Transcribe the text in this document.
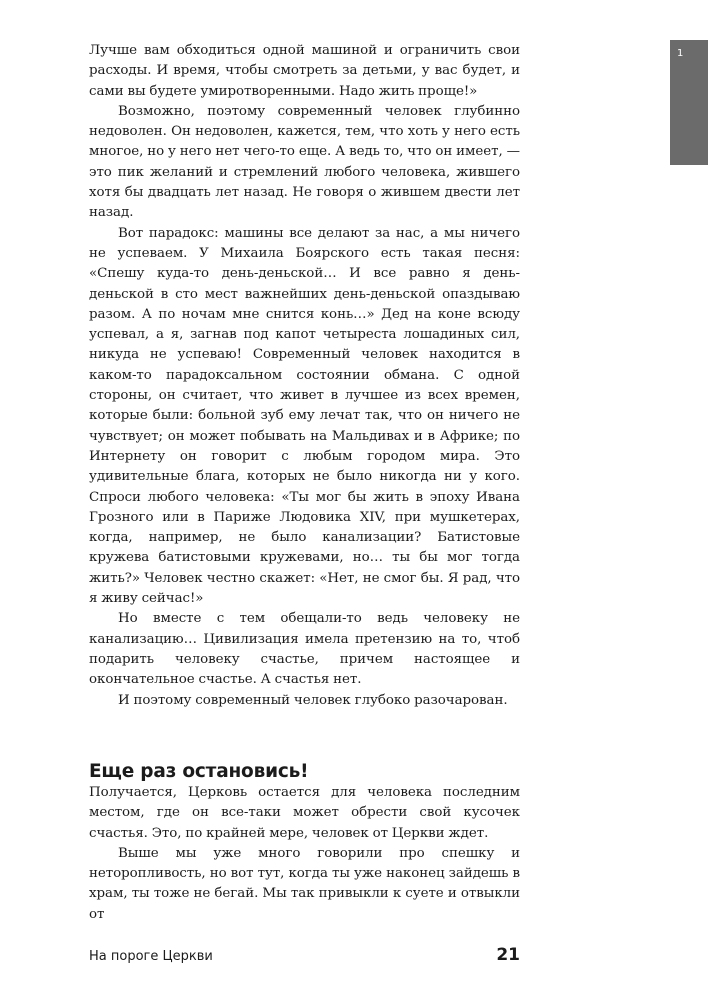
1

Лучше вам обходиться одной машиной и ограничить свои расходы. И время, чтобы смотреть за детьми, у вас будет, и сами вы будете умиротворенными. Надо жить проще!»

Возможно, поэтому современный человек глубинно недоволен. Он недоволен, кажется, тем, что хоть у него есть многое, но у него нет чего-то еще. А ведь то, что он имеет, — это пик желаний и стремлений любого человека, жившего хотя бы двадцать лет назад. Не говоря о жившем двести лет назад.

Вот парадокс: машины все делают за нас, а мы ничего не успеваем. У Михаила Боярского есть такая песня: «Спешу куда-то день-деньской… И все равно я день-деньской в сто мест важнейших день-деньской опаздываю разом. А по ночам мне снится конь…» Дед на коне всюду успевал, а я, загнав под капот четыреста лошадиных сил, никуда не успеваю! Современный человек находится в каком-то парадоксальном состоянии обмана. С одной стороны, он считает, что живет в лучшее из всех времен, которые были: больной зуб ему лечат так, что он ничего не чувствует; он может побывать на Мальдивах и в Африке; по Интернету он говорит с любым городом мира. Это удивительные блага, которых не было никогда ни у кого. Спроси любого человека: «Ты мог бы жить в эпоху Ивана Грозного или в Париже Людовика XIV, при мушкетерах, когда, например, не было канализации? Батистовые кружева батистовыми кружевами, но… ты бы мог тогда жить?» Человек честно скажет: «Нет, не смог бы. Я рад, что я живу сейчас!»

Но вместе с тем обещали-то ведь человеку не канализацию… Цивилизация имела претензию на то, чтоб подарить человеку счастье, причем настоящее и окончательное счастье. А счастья нет.

И поэтому современный человек глубоко разочарован.

Еще раз остановись!

Получается, Церковь остается для человека последним местом, где он все-таки может обрести свой кусочек счастья. Это, по крайней мере, человек от Церкви ждет.

Выше мы уже много говорили про спешку и неторопливость, но вот тут, когда ты уже наконец зайдешь в храм, ты тоже не бегай. Мы так привыкли к суете и отвыкли от

На пороге Церкви	21
